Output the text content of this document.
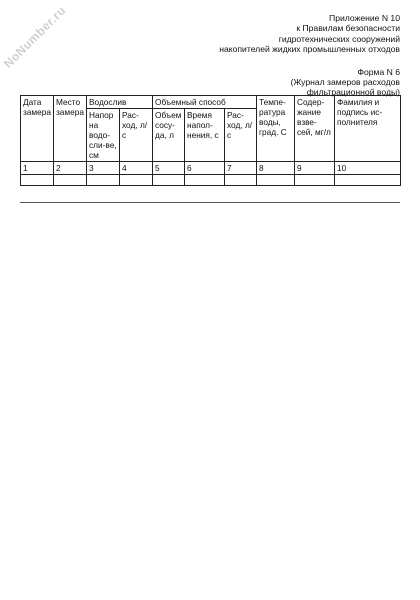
NoNumber.ru	Приложение N 10
к Правилам безопасности
гидротехнических сооружений
накопителей жидких промышленных отходов
Форма N 6
(Журнал замеров расходов
фильтрационной воды)
Дата замера	Место замера	Водослив		Объемный способ			Темпе-ратура воды, град. С	Содер-жание взве-сей, мг/л	Фамилия и подпись ис-полнителя
		Напор на водо-сли-ве, см	Рас-ход, л/с	Объем сосу-да, л	Время напол-нения, с	Рас-ход, л/с			
1	2	3	4	5	6	7	8	9	10
